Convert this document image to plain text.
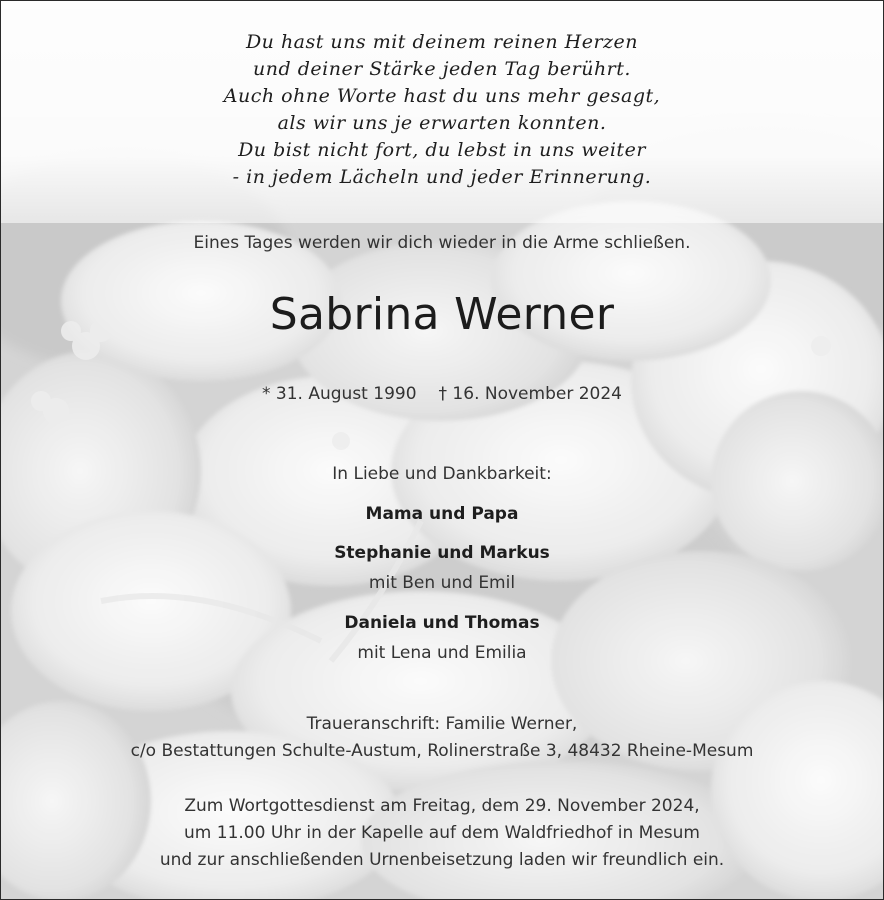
Du hast uns mit deinem reinen Herzen
und deiner Stärke jeden Tag berührt.
Auch ohne Worte hast du uns mehr gesagt,
als wir uns je erwarten konnten.
Du bist nicht fort, du lebst in uns weiter
- in jedem Lächeln und jeder Erinnerung.
Eines Tages werden wir dich wieder in die Arme schließen.
Sabrina Werner
* 31. August 1990 † 16. November 2024
In Liebe und Dankbarkeit:
Mama und Papa
Stephanie und Markus
mit Ben und Emil
Daniela und Thomas
mit Lena und Emilia
Traueranschrift: Familie Werner,
c/o Bestattungen Schulte-Austum, Rolinerstraße 3, 48432 Rheine-Mesum
Zum Wortgottesdienst am Freitag, dem 29. November 2024,
um 11.00 Uhr in der Kapelle auf dem Waldfriedhof in Mesum
und zur anschließenden Urnenbeisetzung laden wir freundlich ein.
